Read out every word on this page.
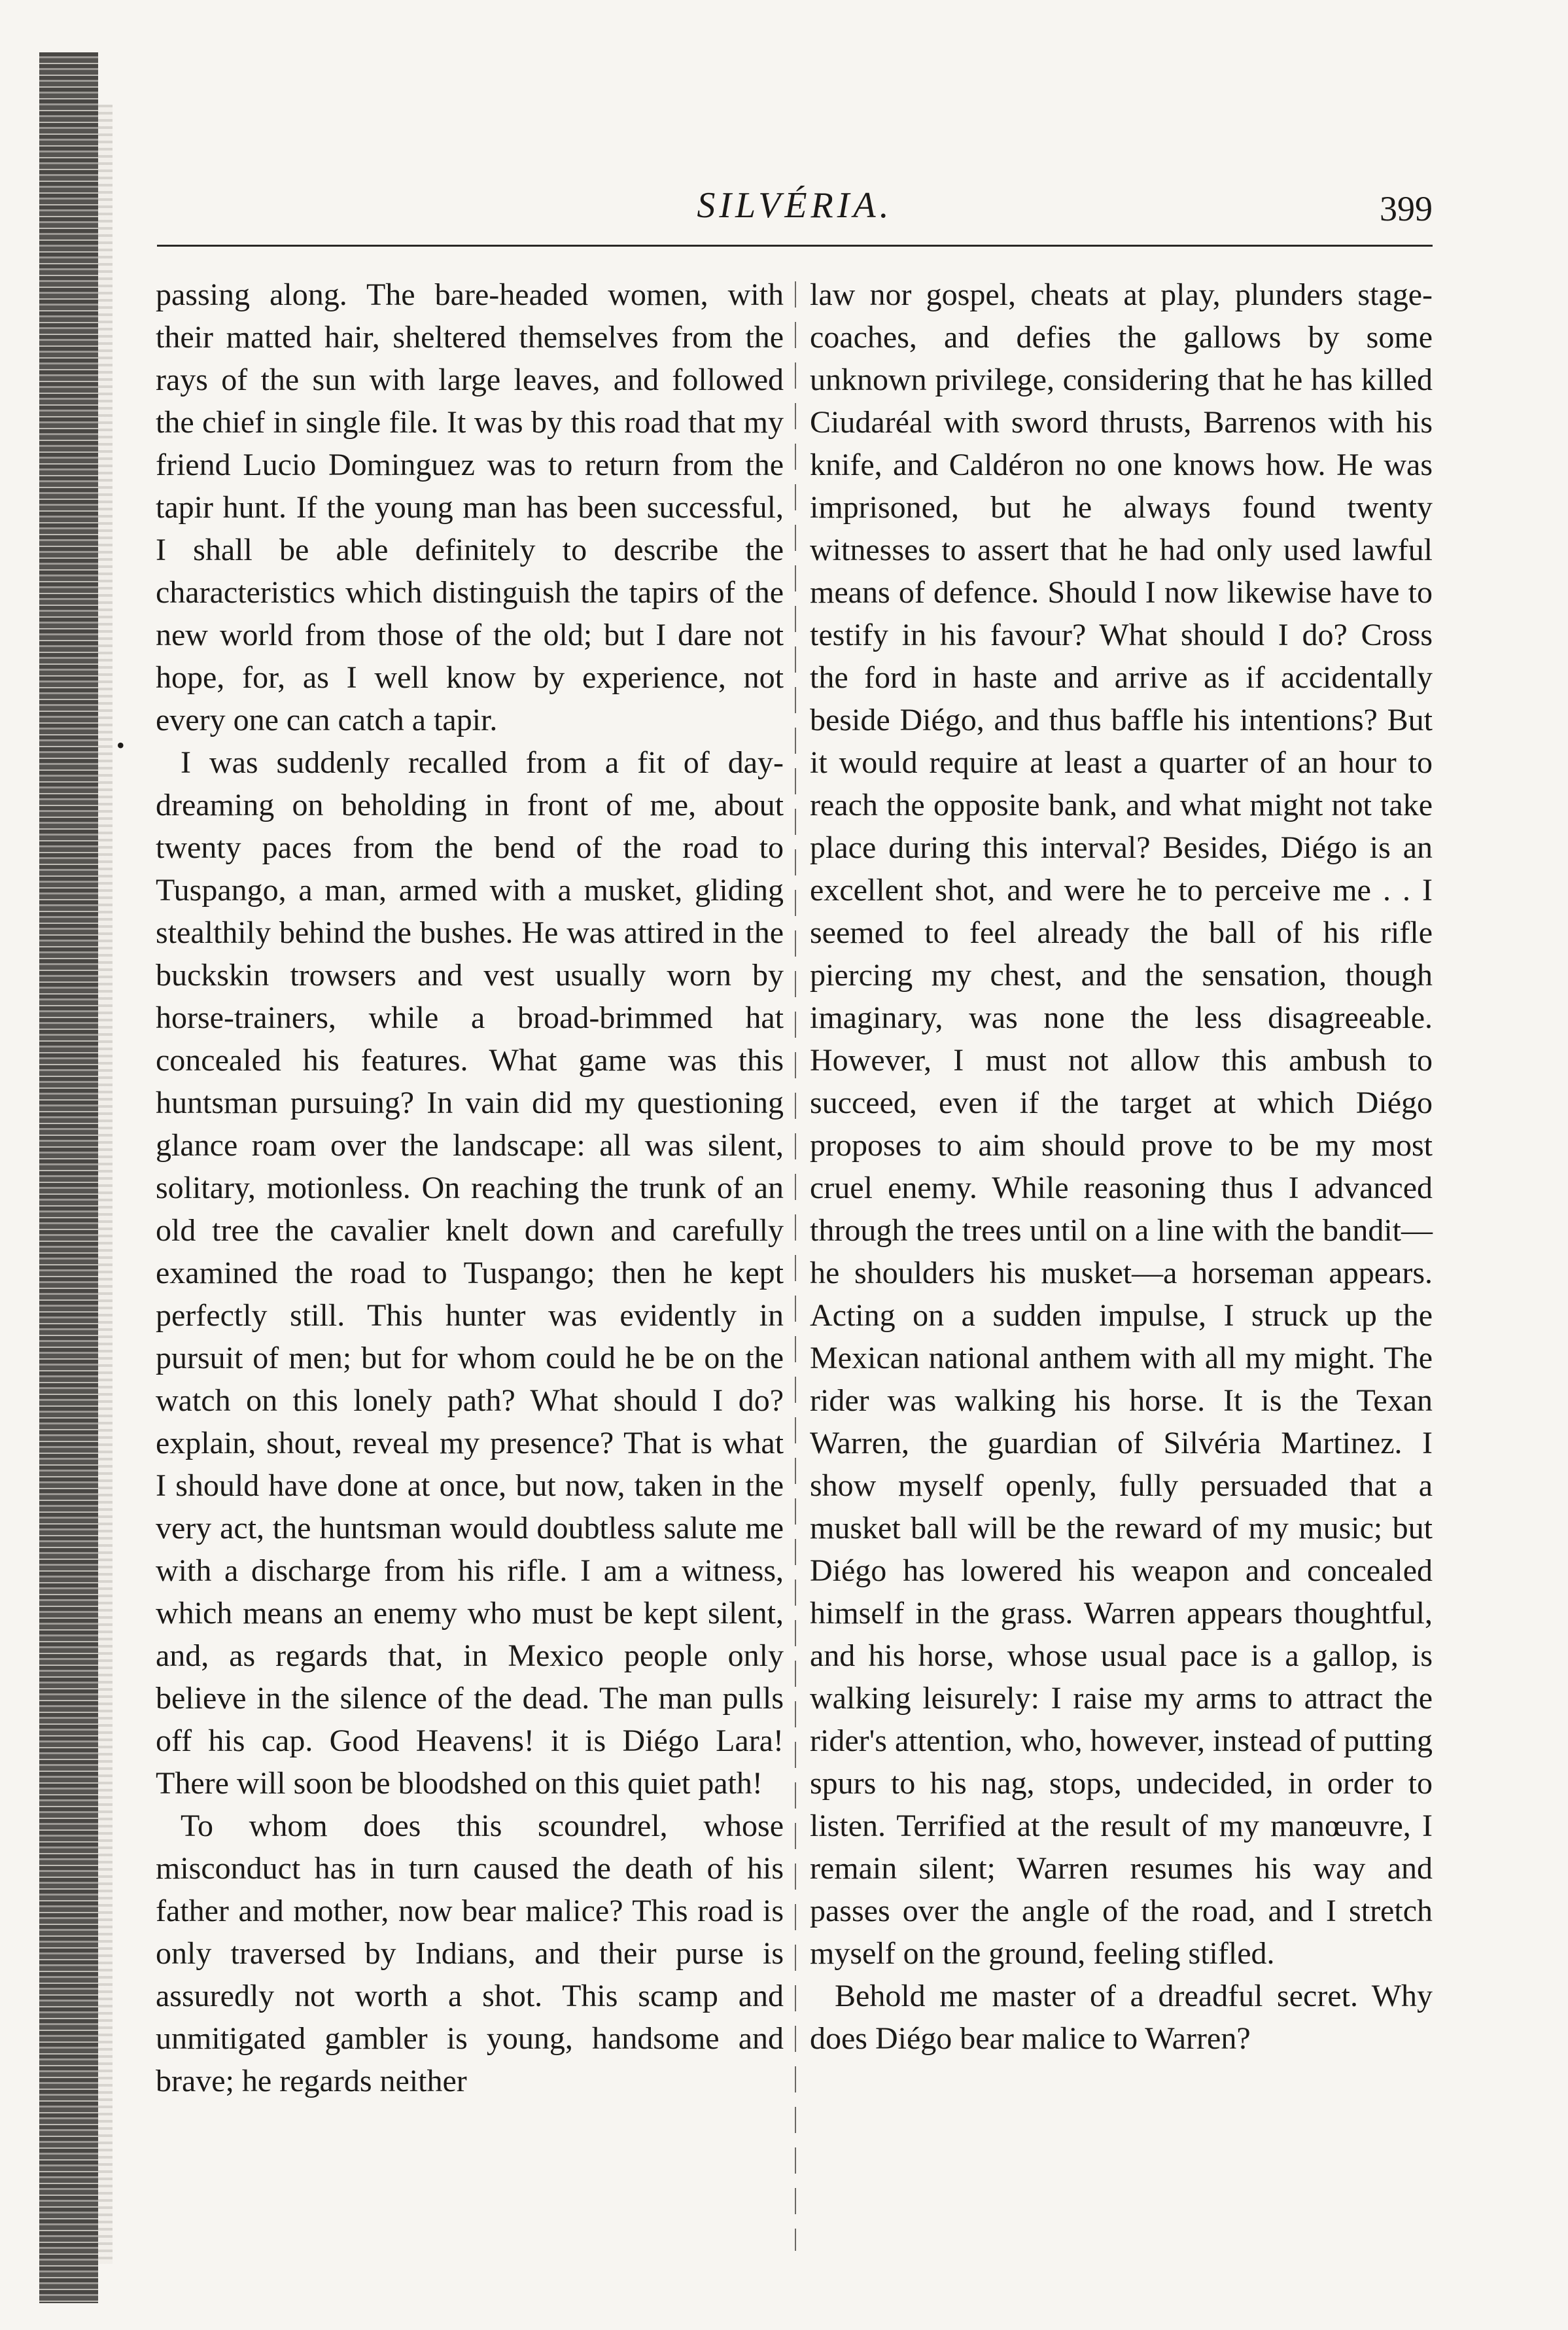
SILVÉRIA.	399

passing along. The bare-headed women, with their matted hair, sheltered themselves from the rays of the sun with large leaves, and followed the chief in single file. It was by this road that my friend Lucio Dominguez was to return from the tapir hunt. If the young man has been successful, I shall be able definitely to describe the characteristics which distinguish the tapirs of the new world from those of the old; but I dare not hope, for, as I well know by experience, not every one can catch a tapir.

I was suddenly recalled from a fit of day-dreaming on beholding in front of me, about twenty paces from the bend of the road to Tuspango, a man, armed with a musket, gliding stealthily behind the bushes. He was attired in the buckskin trowsers and vest usually worn by horse-trainers, while a broad-brimmed hat concealed his features. What game was this huntsman pursuing? In vain did my questioning glance roam over the landscape: all was silent, solitary, motionless. On reaching the trunk of an old tree the cavalier knelt down and carefully examined the road to Tuspango; then he kept perfectly still. This hunter was evidently in pursuit of men; but for whom could he be on the watch on this lonely path? What should I do? explain, shout, reveal my presence? That is what I should have done at once, but now, taken in the very act, the huntsman would doubtless salute me with a discharge from his rifle. I am a witness, which means an enemy who must be kept silent, and, as regards that, in Mexico people only believe in the silence of the dead. The man pulls off his cap. Good Heavens! it is Diégo Lara! There will soon be bloodshed on this quiet path!

To whom does this scoundrel, whose misconduct has in turn caused the death of his father and mother, now bear malice? This road is only traversed by Indians, and their purse is assuredly not worth a shot. This scamp and unmitigated gambler is young, handsome and brave; he regards neither

law nor gospel, cheats at play, plunders stage-coaches, and defies the gallows by some unknown privilege, considering that he has killed Ciudaréal with sword thrusts, Barrenos with his knife, and Caldéron no one knows how. He was imprisoned, but he always found twenty witnesses to assert that he had only used lawful means of defence. Should I now likewise have to testify in his favour? What should I do? Cross the ford in haste and arrive as if accidentally beside Diégo, and thus baffle his intentions? But it would require at least a quarter of an hour to reach the opposite bank, and what might not take place during this interval? Besides, Diégo is an excellent shot, and were he to perceive me . . I seemed to feel already the ball of his rifle piercing my chest, and the sensation, though imaginary, was none the less disagreeable. However, I must not allow this ambush to succeed, even if the target at which Diégo proposes to aim should prove to be my most cruel enemy. While reasoning thus I advanced through the trees until on a line with the bandit—he shoulders his musket—a horseman appears. Acting on a sudden impulse, I struck up the Mexican national anthem with all my might. The rider was walking his horse. It is the Texan Warren, the guardian of Silvéria Martinez. I show myself openly, fully persuaded that a musket ball will be the reward of my music; but Diégo has lowered his weapon and concealed himself in the grass. Warren appears thoughtful, and his horse, whose usual pace is a gallop, is walking leisurely: I raise my arms to attract the rider's attention, who, however, instead of putting spurs to his nag, stops, undecided, in order to listen. Terrified at the result of my manœuvre, I remain silent; Warren resumes his way and passes over the angle of the road, and I stretch myself on the ground, feeling stifled.

Behold me master of a dreadful secret. Why does Diégo bear malice to Warren?

•
